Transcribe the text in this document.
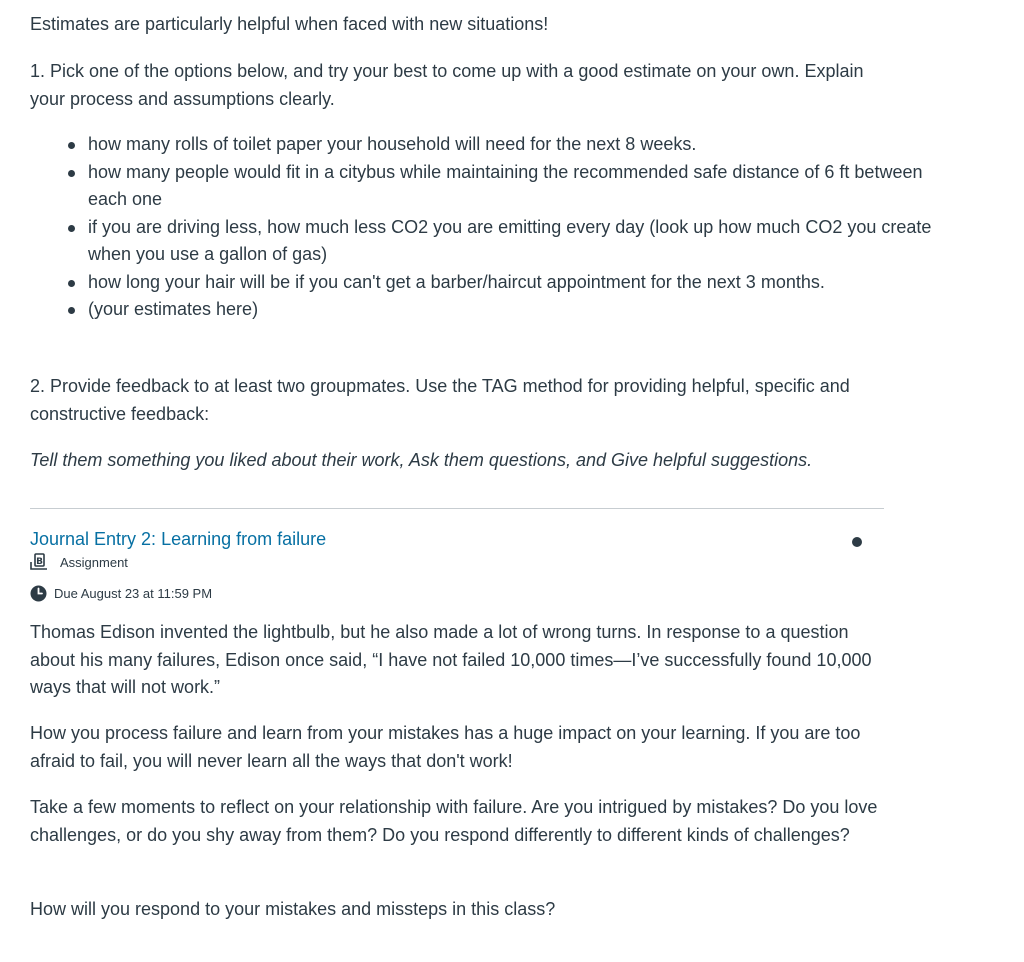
Estimates are particularly helpful when faced with new situations!

1. Pick one of the options below, and try your best to come up with a good estimate on your own. Explain your process and assumptions clearly.

how many rolls of toilet paper your household will need for the next 8 weeks.
how many people would fit in a citybus while maintaining the recommended safe distance of 6 ft between each one
if you are driving less, how much less CO2 you are emitting every day (look up how much CO2 you create when you use a gallon of gas)
how long your hair will be if you can't get a barber/haircut appointment for the next 3 months.
(your estimates here)

2. Provide feedback to at least two groupmates. Use the TAG method for providing helpful, specific and constructive feedback:

Tell them something you liked about their work, Ask them questions, and Give helpful suggestions.

Journal Entry 2: Learning from failure
B Assignment
Due August 23 at 11:59 PM

Thomas Edison invented the lightbulb, but he also made a lot of wrong turns. In response to a question about his many failures, Edison once said, “I have not failed 10,000 times—I’ve successfully found 10,000 ways that will not work.”

How you process failure and learn from your mistakes has a huge impact on your learning. If you are too afraid to fail, you will never learn all the ways that don't work!

Take a few moments to reflect on your relationship with failure. Are you intrigued by mistakes? Do you love challenges, or do you shy away from them? Do you respond differently to different kinds of challenges?

How will you respond to your mistakes and missteps in this class?
